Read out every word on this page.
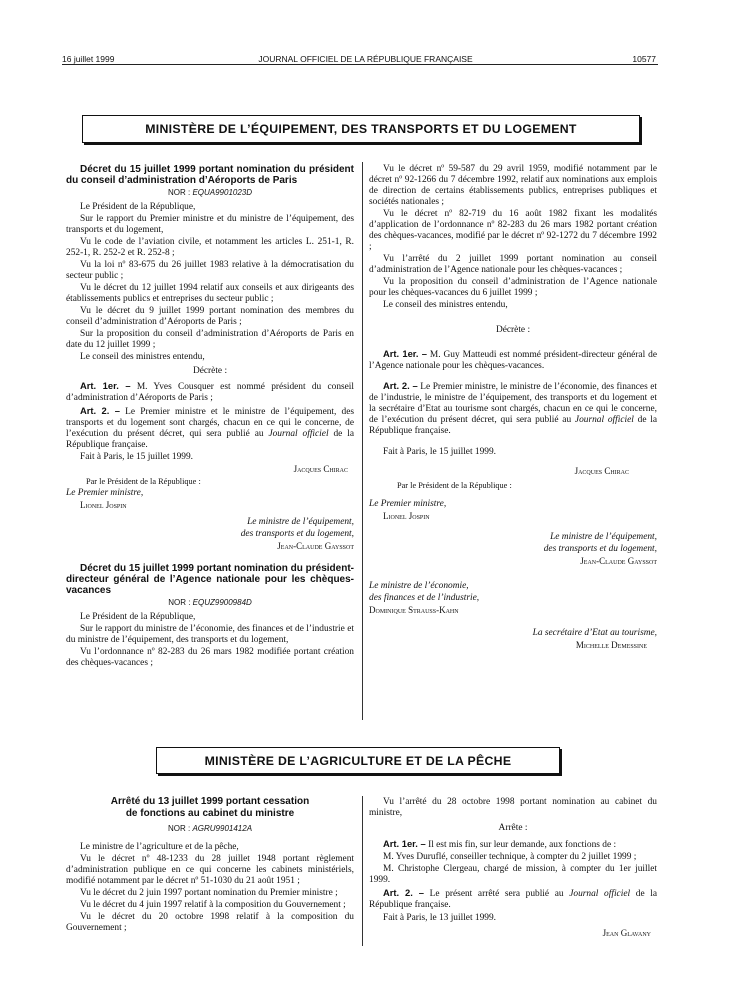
16 juillet 1999	JOURNAL OFFICIEL DE LA RÉPUBLIQUE FRANÇAISE	10577
MINISTÈRE DE L’ÉQUIPEMENT, DES TRANSPORTS ET DU LOGEMENT

Décret du 15 juillet 1999 portant nomination du président du conseil d’administration d’Aéroports de Paris

NOR : EQUA9901023D

Le Président de la République,

Sur le rapport du Premier ministre et du ministre de l’équipement, des transports et du logement,

Vu le code de l’aviation civile, et notamment les articles L. 251-1, R. 252-1, R. 252-2 et R. 252-8 ;

Vu la loi nº 83-675 du 26 juillet 1983 relative à la démocratisation du secteur public ;

Vu le décret du 12 juillet 1994 relatif aux conseils et aux dirigeants des établissements publics et entreprises du secteur public ;

Vu le décret du 9 juillet 1999 portant nomination des membres du conseil d’administration d’Aéroports de Paris ;

Sur la proposition du conseil d’administration d’Aéroports de Paris en date du 12 juillet 1999 ;

Le conseil des ministres entendu,

Décrète :

Art. 1er. – M. Yves Cousquer est nommé président du conseil d’administration d’Aéroports de Paris ;

Art. 2. – Le Premier ministre et le ministre de l’équipement, des transports et du logement sont chargés, chacun en ce qui le concerne, de l’exécution du présent décret, qui sera publié au Journal officiel de la République française.

Fait à Paris, le 15 juillet 1999.

Jacques Chirac

Par le Président de la République :

Le Premier ministre,

Lionel Jospin

Le ministre de l’équipement,

des transports et du logement,

Jean-Claude Gayssot

Décret du 15 juillet 1999 portant nomination du président-directeur général de l’Agence nationale pour les chèques-vacances

NOR : EQUZ9900984D

Le Président de la République,

Sur le rapport du ministre de l’économie, des finances et de l’industrie et du ministre de l’équipement, des transports et du logement,

Vu l’ordonnance nº 82-283 du 26 mars 1982 modifiée portant création des chèques-vacances ;

Vu le décret nº 59-587 du 29 avril 1959, modifié notamment par le décret nº 92-1266 du 7 décembre 1992, relatif aux nominations aux emplois de direction de certains établissements publics, entreprises publiques et sociétés nationales ;

Vu le décret nº 82-719 du 16 août 1982 fixant les modalités d’application de l’ordonnance nº 82-283 du 26 mars 1982 portant création des chèques-vacances, modifié par le décret nº 92-1272 du 7 décembre 1992 ;

Vu l’arrêté du 2 juillet 1999 portant nomination au conseil d’administration de l’Agence nationale pour les chèques-vacances ;

Vu la proposition du conseil d’administration de l’Agence nationale pour les chèques-vacances du 6 juillet 1999 ;

Le conseil des ministres entendu,

Décrète :

Art. 1er. – M. Guy Matteudi est nommé président-directeur général de l’Agence nationale pour les chèques-vacances.

Art. 2. – Le Premier ministre, le ministre de l’économie, des finances et de l’industrie, le ministre de l’équipement, des transports et du logement et la secrétaire d’Etat au tourisme sont chargés, chacun en ce qui le concerne, de l’exécution du présent décret, qui sera publié au Journal officiel de la République française.

Fait à Paris, le 15 juillet 1999.

Jacques Chirac

Par le Président de la République :

Le Premier ministre,

Lionel Jospin

Le ministre de l’équipement,

des transports et du logement,

Jean-Claude Gayssot

Le ministre de l’économie,

des finances et de l’industrie,

Dominique Strauss-Kahn

La secrétaire d’Etat au tourisme,

Michelle Demessine

MINISTÈRE DE L’AGRICULTURE ET DE LA PÊCHE

Arrêté du 13 juillet 1999 portant cessation

de fonctions au cabinet du ministre

NOR : AGRU9901412A

Le ministre de l’agriculture et de la pêche,

Vu le décret nº 48-1233 du 28 juillet 1948 portant règlement d’administration publique en ce qui concerne les cabinets ministériels, modifié notamment par le décret nº 51-1030 du 21 août 1951 ;

Vu le décret du 2 juin 1997 portant nomination du Premier ministre ;

Vu le décret du 4 juin 1997 relatif à la composition du Gouvernement ;

Vu le décret du 20 octobre 1998 relatif à la composition du Gouvernement ;

Vu l’arrêté du 28 octobre 1998 portant nomination au cabinet du ministre,

Arrête :

Art. 1er. – Il est mis fin, sur leur demande, aux fonctions de :

M. Yves Duruflé, conseiller technique, à compter du 2 juillet 1999 ;

M. Christophe Clergeau, chargé de mission, à compter du 1er juillet 1999.

Art. 2. – Le présent arrêté sera publié au Journal officiel de la République française.

Fait à Paris, le 13 juillet 1999.

Jean Glavany
